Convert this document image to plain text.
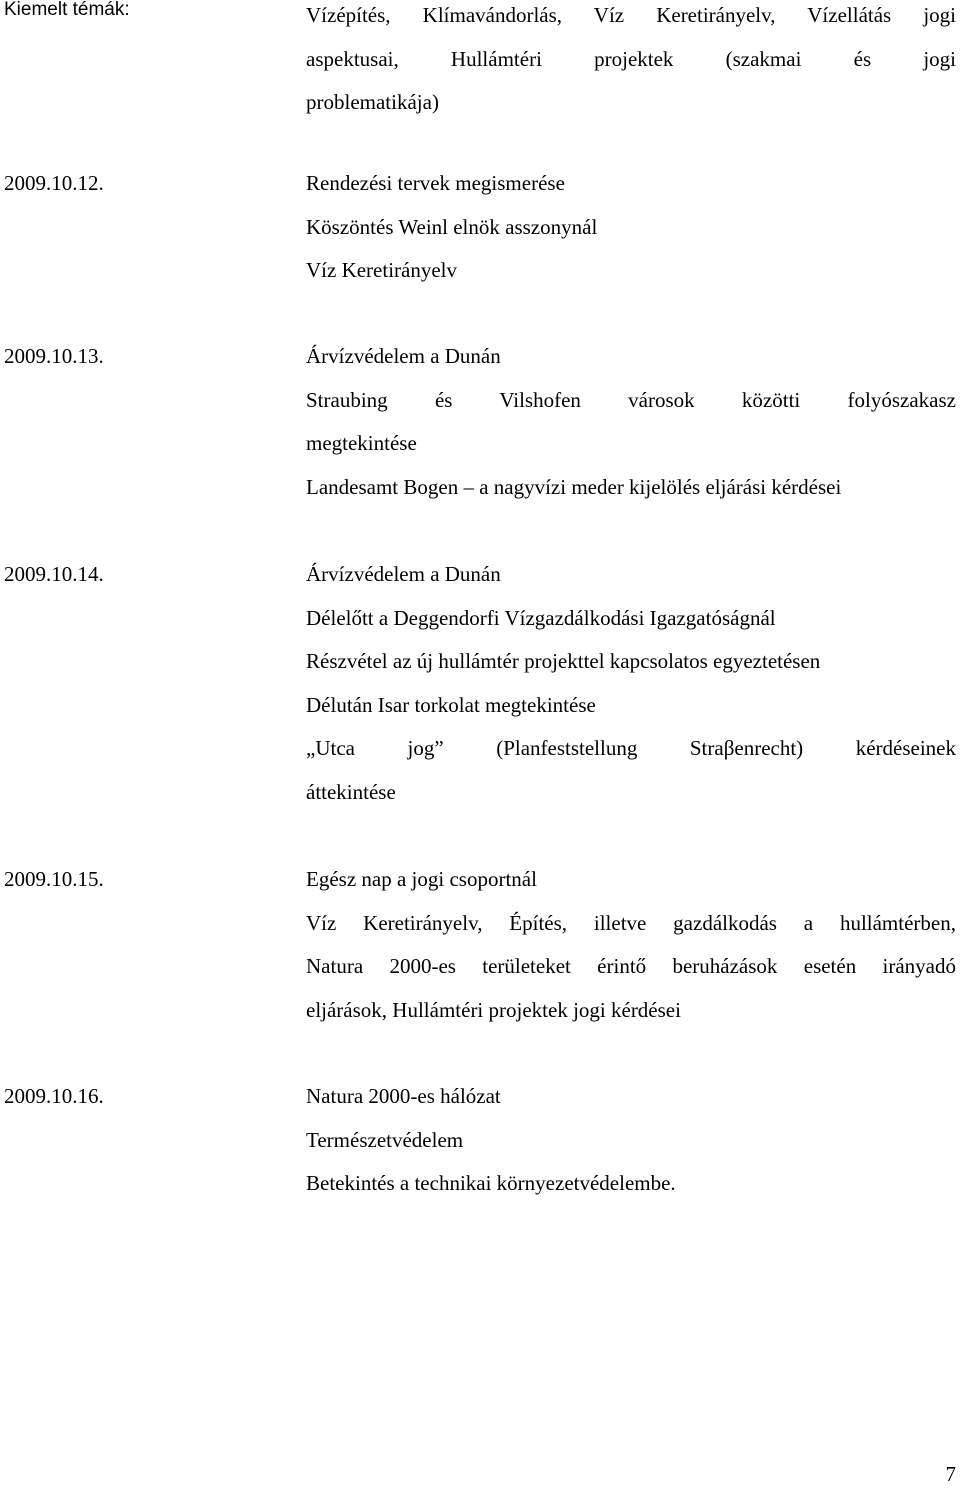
Kiemelt témák:	Vízépítés, Klímavándorlás, Víz Keretirányelv, Vízellátás jogi
aspektusai, Hullámtéri projektek (szakmai és jogi
problematikája)
2009.10.12.	Rendezési tervek megismerése
Köszöntés Weinl elnök asszonynál
Víz Keretirányelv
2009.10.13.	Árvízvédelem a Dunán
Straubing és Vilshofen városok közötti folyószakasz
megtekintése
Landesamt Bogen – a nagyvízi meder kijelölés eljárási kérdései
2009.10.14.	Árvízvédelem a Dunán
Délelőtt a Deggendorfi Vízgazdálkodási Igazgatóságnál
Részvétel az új hullámtér projekttel kapcsolatos egyeztetésen
Délután Isar torkolat megtekintése
„Utca jog” (Planfeststellung Straβenrecht) kérdéseinek
áttekintése
2009.10.15.	Egész nap a jogi csoportnál
Víz Keretirányelv, Építés, illetve gazdálkodás a hullámtérben,
Natura 2000-es területeket érintő beruházások esetén irányadó
eljárások, Hullámtéri projektek jogi kérdései
2009.10.16.	Natura 2000-es hálózat
Természetvédelem
Betekintés a technikai környezetvédelembe.
7
